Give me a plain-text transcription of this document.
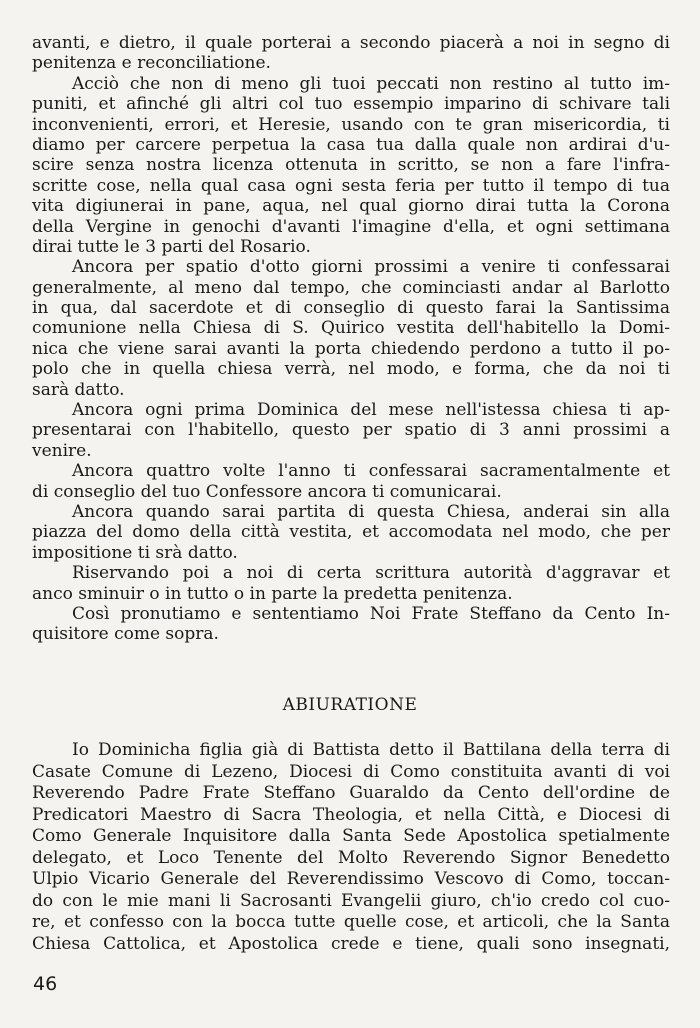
avanti, e dietro, il quale porterai a secondo piacerà a noi in segno di
penitenza e reconciliatione.
Acciò che non di meno gli tuoi peccati non restino al tutto im-
puniti, et afinché gli altri col tuo essempio imparino di schivare tali
inconvenienti, errori, et Heresie, usando con te gran misericordia, ti
diamo per carcere perpetua la casa tua dalla quale non ardirai d'u-
scire senza nostra licenza ottenuta in scritto, se non a fare l'infra-
scritte cose, nella qual casa ogni sesta feria per tutto il tempo di tua
vita digiunerai in pane, aqua, nel qual giorno dirai tutta la Corona
della Vergine in genochi d'avanti l'imagine d'ella, et ogni settimana
dirai tutte le 3 parti del Rosario.
Ancora per spatio d'otto giorni prossimi a venire ti confessarai
generalmente, al meno dal tempo, che cominciasti andar al Barlotto
in qua, dal sacerdote et di conseglio di questo farai la Santissima
comunione nella Chiesa di S. Quirico vestita dell'habitello la Domi-
nica che viene sarai avanti la porta chiedendo perdono a tutto il po-
polo che in quella chiesa verrà, nel modo, e forma, che da noi ti
sarà datto.
Ancora ogni prima Dominica del mese nell'istessa chiesa ti ap-
presentarai con l'habitello, questo per spatio di 3 anni prossimi a
venire.
Ancora quattro volte l'anno ti confessarai sacramentalmente et
di conseglio del tuo Confessore ancora ti comunicarai.
Ancora quando sarai partita di questa Chiesa, anderai sin alla
piazza del domo della città vestita, et accomodata nel modo, che per
impositione ti srà datto.
Riservando poi a noi di certa scrittura autorità d'aggravar et
anco sminuir o in tutto o in parte la predetta penitenza.
Così pronutiamo e sententiamo Noi Frate Steffano da Cento In-
quisitore come sopra.
ABIURATIONE
Io Dominicha figlia già di Battista detto il Battilana della terra di
Casate Comune di Lezeno, Diocesi di Como constituita avanti di voi
Reverendo Padre Frate Steffano Guaraldo da Cento dell'ordine de
Predicatori Maestro di Sacra Theologia, et nella Città, e Diocesi di
Como Generale Inquisitore dalla Santa Sede Apostolica spetialmente
delegato, et Loco Tenente del Molto Reverendo Signor Benedetto
Ulpio Vicario Generale del Reverendissimo Vescovo di Como, toccan-
do con le mie mani li Sacrosanti Evangelii giuro, ch'io credo col cuo-
re, et confesso con la bocca tutte quelle cose, et articoli, che la Santa
Chiesa Cattolica, et Apostolica crede e tiene, quali sono insegnati,
46
